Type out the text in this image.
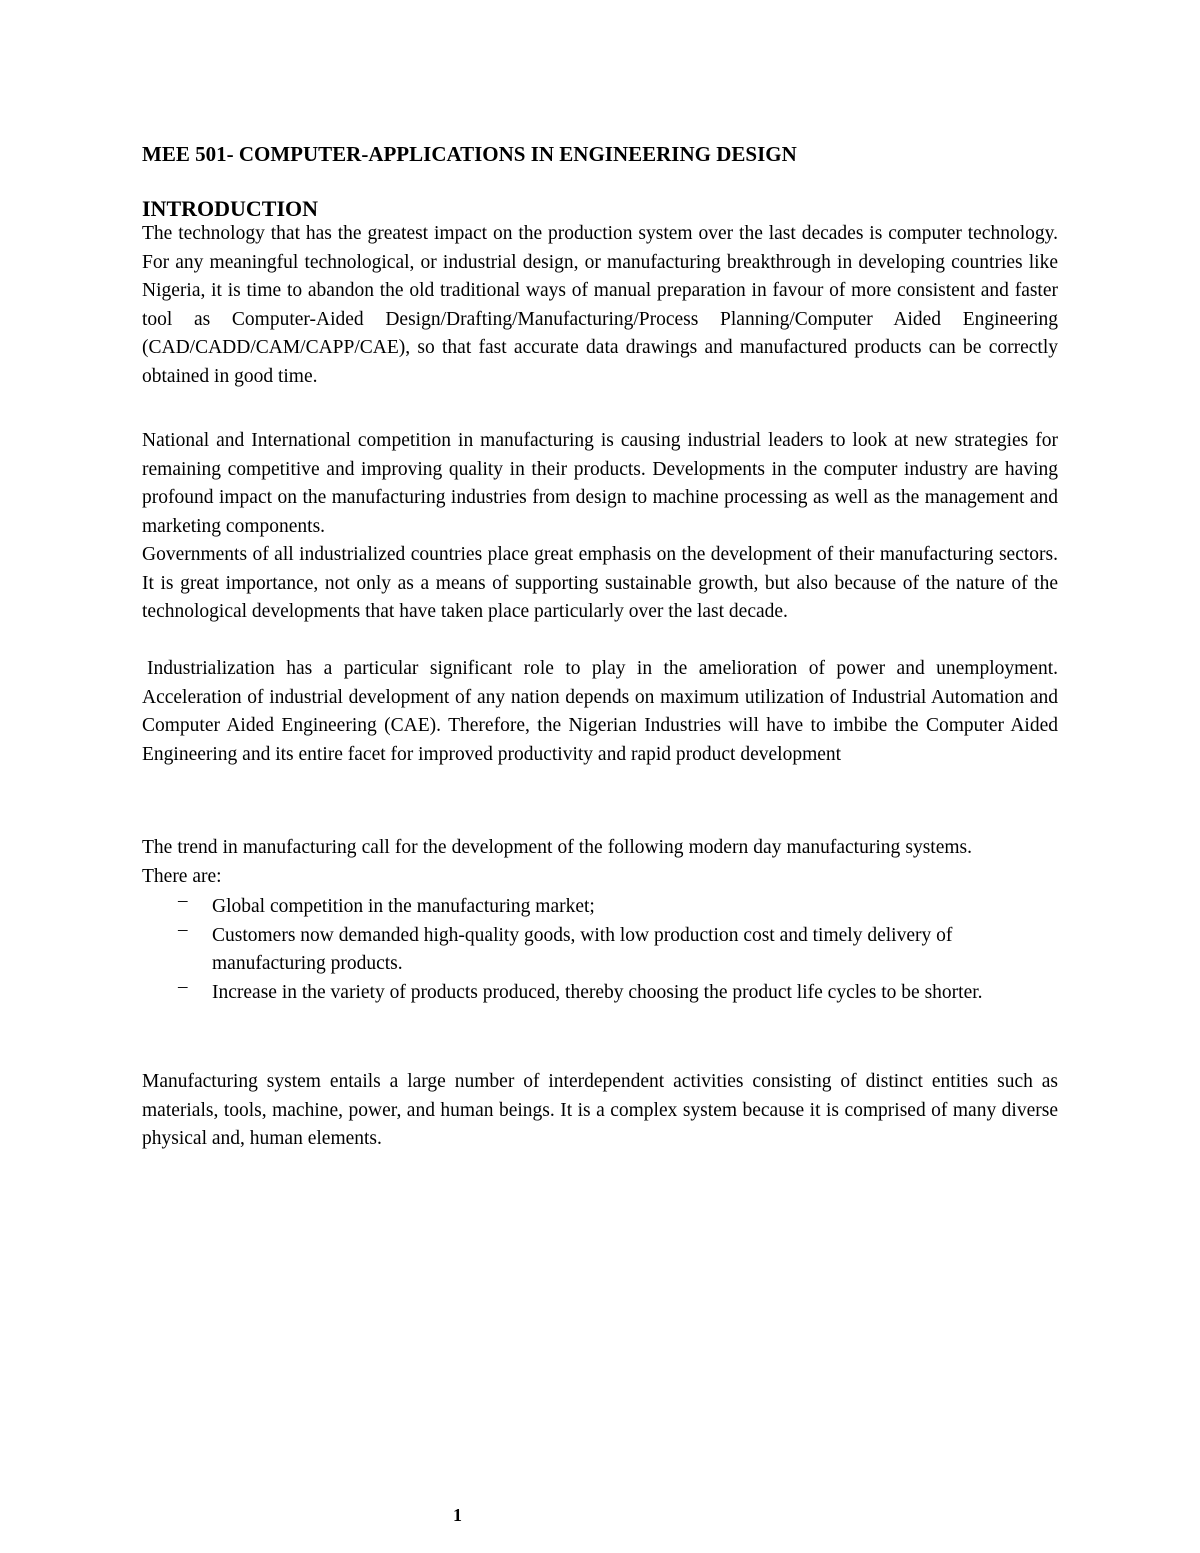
MEE 501- COMPUTER-APPLICATIONS IN ENGINEERING DESIGN
INTRODUCTION

The technology that has the greatest impact on the production system over the last decades is computer technology. For any meaningful technological, or industrial design, or manufacturing breakthrough in developing countries like Nigeria, it is time to abandon the old traditional ways of manual preparation in favour of more consistent and faster tool as Computer-Aided Design/Drafting/Manufacturing/Process Planning/Computer Aided Engineering (CAD/CADD/CAM/CAPP/CAE), so that fast accurate data drawings and manufactured products can be correctly obtained in good time.

National and International competition in manufacturing is causing industrial leaders to look at new strategies for remaining competitive and improving quality in their products. Developments in the computer industry are having profound impact on the manufacturing industries from design to machine processing as well as the management and marketing components.

Governments of all industrialized countries place great emphasis on the development of their manufacturing sectors. It is great importance, not only as a means of supporting sustainable growth, but also because of the nature of the technological developments that have taken place particularly over the last decade.

Industrialization has a particular significant role to play in the amelioration of power and unemployment. Acceleration of industrial development of any nation depends on maximum utilization of Industrial Automation and Computer Aided Engineering (CAE). Therefore, the Nigerian Industries will have to imbibe the Computer Aided Engineering and its entire facet for improved productivity and rapid product development

The trend in manufacturing call for the development of the following modern day manufacturing systems. There are:

– Global competition in the manufacturing market;
– Customers now demanded high-quality goods, with low production cost and timely delivery of manufacturing products.
– Increase in the variety of products produced, thereby choosing the product life cycles to be shorter.

Manufacturing system entails a large number of interdependent activities consisting of distinct entities such as materials, tools, machine, power, and human beings. It is a complex system because it is comprised of many diverse physical and, human elements.

1
